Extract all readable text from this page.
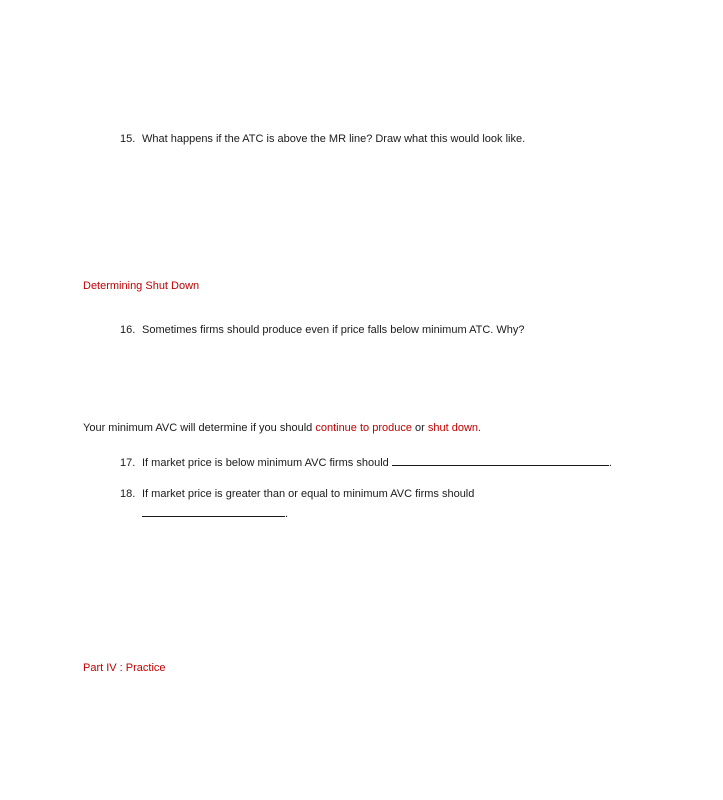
15. What happens if the ATC is above the MR line? Draw what this would look like.
Determining Shut Down
16. Sometimes firms should produce even if price falls below minimum ATC. Why?
Your minimum AVC will determine if you should continue to produce or shut down.
17. If market price is below minimum AVC firms should	.
18. If market price is greater than or equal to minimum AVC firms should
.
Part IV : Practice
